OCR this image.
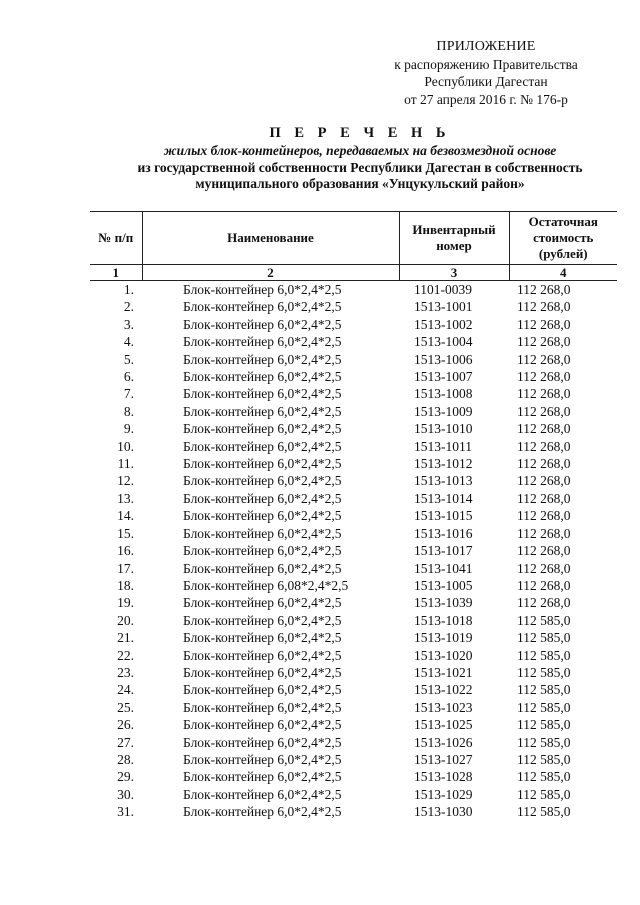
ПРИЛОЖЕНИЕ
к распоряжению Правительства
Республики Дагестан
от 27 апреля 2016 г. № 176-р
П Е Р Е Ч Е Н Ь
жилых блок-контейнеров, передаваемых на безвозмездной основе
из государственной собственности Республики Дагестан в собственность
муниципального образования «Унцукульский район»
№ п/п	Наименование	Инвентарный номер	Остаточная стоимость (рублей)
1	2	3	4
1.	Блок-контейнер 6,0*2,4*2,5	1101-0039	112 268,0
2.	Блок-контейнер 6,0*2,4*2,5	1513-1001	112 268,0
3.	Блок-контейнер 6,0*2,4*2,5	1513-1002	112 268,0
4.	Блок-контейнер 6,0*2,4*2,5	1513-1004	112 268,0
5.	Блок-контейнер 6,0*2,4*2,5	1513-1006	112 268,0
6.	Блок-контейнер 6,0*2,4*2,5	1513-1007	112 268,0
7.	Блок-контейнер 6,0*2,4*2,5	1513-1008	112 268,0
8.	Блок-контейнер 6,0*2,4*2,5	1513-1009	112 268,0
9.	Блок-контейнер 6,0*2,4*2,5	1513-1010	112 268,0
10.	Блок-контейнер 6,0*2,4*2,5	1513-1011	112 268,0
11.	Блок-контейнер 6,0*2,4*2,5	1513-1012	112 268,0
12.	Блок-контейнер 6,0*2,4*2,5	1513-1013	112 268,0
13.	Блок-контейнер 6,0*2,4*2,5	1513-1014	112 268,0
14.	Блок-контейнер 6,0*2,4*2,5	1513-1015	112 268,0
15.	Блок-контейнер 6,0*2,4*2,5	1513-1016	112 268,0
16.	Блок-контейнер 6,0*2,4*2,5	1513-1017	112 268,0
17.	Блок-контейнер 6,0*2,4*2,5	1513-1041	112 268,0
18.	Блок-контейнер 6,08*2,4*2,5	1513-1005	112 268,0
19.	Блок-контейнер 6,0*2,4*2,5	1513-1039	112 268,0
20.	Блок-контейнер 6,0*2,4*2,5	1513-1018	112 585,0
21.	Блок-контейнер 6,0*2,4*2,5	1513-1019	112 585,0
22.	Блок-контейнер 6,0*2,4*2,5	1513-1020	112 585,0
23.	Блок-контейнер 6,0*2,4*2,5	1513-1021	112 585,0
24.	Блок-контейнер 6,0*2,4*2,5	1513-1022	112 585,0
25.	Блок-контейнер 6,0*2,4*2,5	1513-1023	112 585,0
26.	Блок-контейнер 6,0*2,4*2,5	1513-1025	112 585,0
27.	Блок-контейнер 6,0*2,4*2,5	1513-1026	112 585,0
28.	Блок-контейнер 6,0*2,4*2,5	1513-1027	112 585,0
29.	Блок-контейнер 6,0*2,4*2,5	1513-1028	112 585,0
30.	Блок-контейнер 6,0*2,4*2,5	1513-1029	112 585,0
31.	Блок-контейнер 6,0*2,4*2,5	1513-1030	112 585,0
